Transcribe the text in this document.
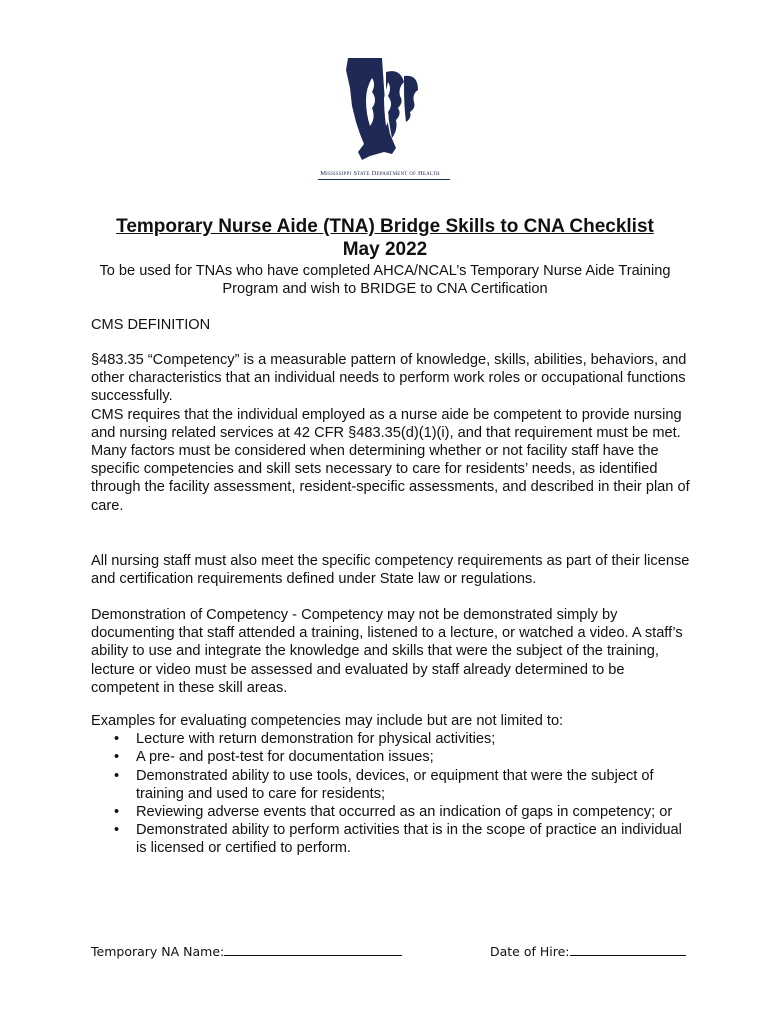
Mississippi State Department of Health
Temporary Nurse Aide (TNA) Bridge Skills to CNA Checklist
May 2022
To be used for TNAs who have completed AHCA/NCAL’s Temporary Nurse Aide Training Program and wish to BRIDGE to CNA Certification
CMS DEFINITION

§483.35 “Competency” is a measurable pattern of knowledge, skills, abilities, behaviors, and other characteristics that an individual needs to perform work roles or occupational functions successfully.

CMS requires that the individual employed as a nurse aide be competent to provide nursing and nursing related services at 42 CFR §483.35(d)(1)(i), and that requirement must be met.

Many factors must be considered when determining whether or not facility staff have the specific competencies and skill sets necessary to care for residents’ needs, as identified through the facility assessment, resident-specific assessments, and described in their plan of care.

All nursing staff must also meet the specific competency requirements as part of their license and certification requirements defined under State law or regulations.
Demonstration of Competency - Competency may not be demonstrated simply by documenting that staff attended a training, listened to a lecture, or watched a video. A staff’s ability to use and integrate the knowledge and skills that were the subject of the training, lecture or video must be assessed and evaluated by staff already determined to be competent in these skill areas.
Examples for evaluating competencies may include but are not limited to:
• Lecture with return demonstration for physical activities;
• A pre- and post-test for documentation issues;
• Demonstrated ability to use tools, devices, or equipment that were the subject of training and used to care for residents;
• Reviewing adverse events that occurred as an indication of gaps in competency; or
• Demonstrated ability to perform activities that is in the scope of practice an individual is licensed or certified to perform.
Temporary NA Name:	Date of Hire:
